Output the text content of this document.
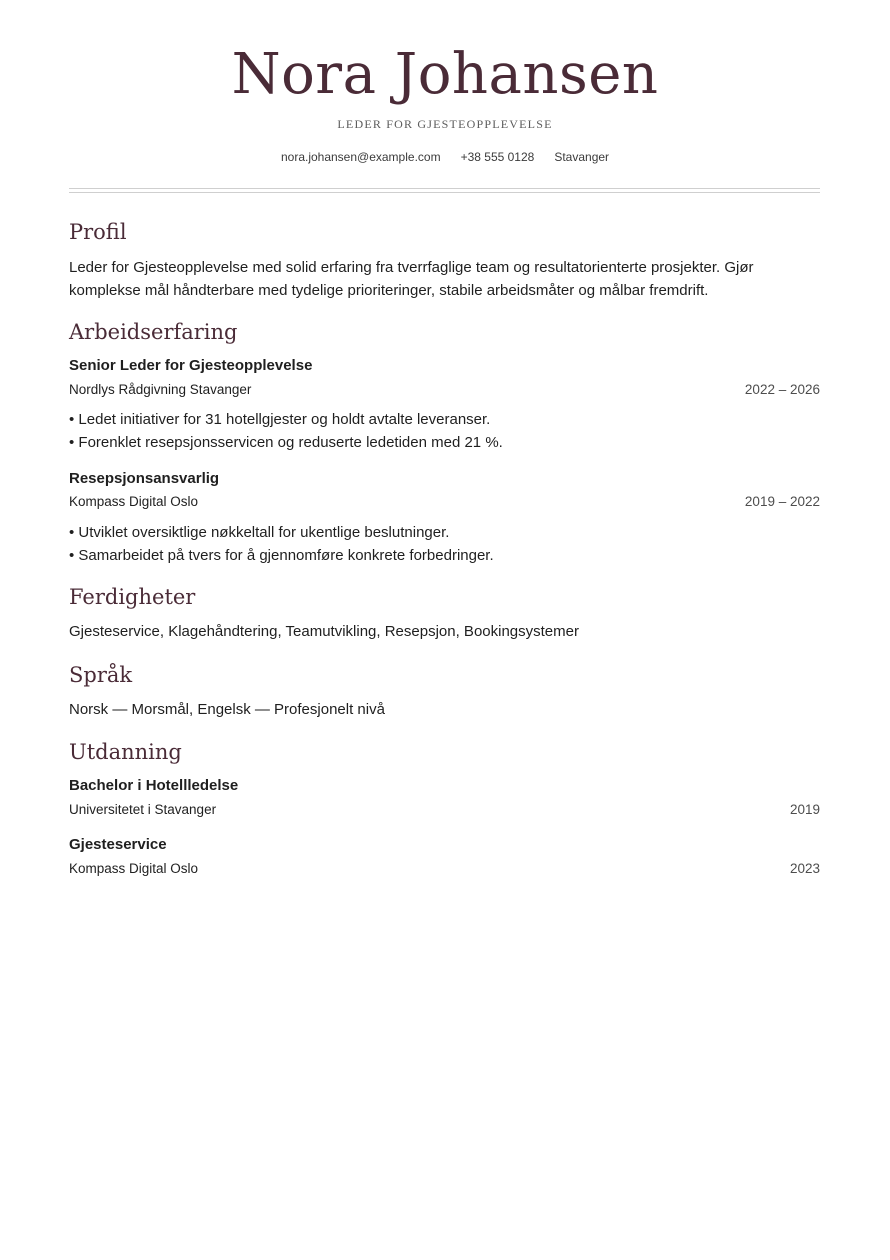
Nora Johansen
LEDER FOR GJESTEOPPLEVELSE
nora.johansen@example.com +38 555 0128 Stavanger
Profil
Leder for Gjesteopplevelse med solid erfaring fra tverrfaglige team og resultatorienterte prosjekter. Gjør komplekse mål håndterbare med tydelige prioriteringer, stabile arbeidsmåter og målbar fremdrift.
Arbeidserfaring
Senior Leder for Gjesteopplevelse
Nordlys Rådgivning Stavanger	2022 – 2026
• Ledet initiativer for 31 hotellgjester og holdt avtalte leveranser.
• Forenklet resepsjonsservicen og reduserte ledetiden med 21 %.
Resepsjonsansvarlig
Kompass Digital Oslo	2019 – 2022
• Utviklet oversiktlige nøkkeltall for ukentlige beslutninger.
• Samarbeidet på tvers for å gjennomføre konkrete forbedringer.
Ferdigheter
Gjesteservice, Klagehåndtering, Teamutvikling, Resepsjon, Bookingsystemer
Språk
Norsk — Morsmål, Engelsk — Profesjonelt nivå
Utdanning
Bachelor i Hotellledelse
Universitetet i Stavanger	2019
Gjesteservice
Kompass Digital Oslo	2023
